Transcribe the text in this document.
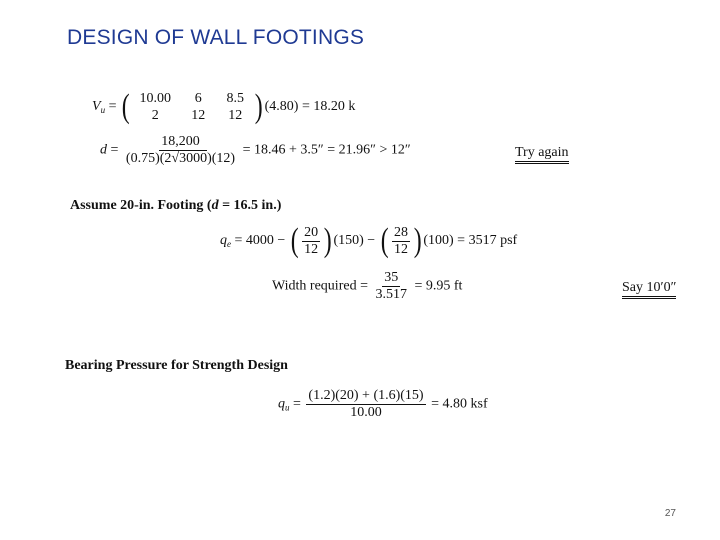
DESIGN OF WALL FOOTINGS
$V_u$ = ( 10.00	6	8.5
2	12	12 ) (4.80) = 18.20 k
$d = \frac{18,200}{(0.75)(2√3000)(12)} = 18.46 + 3.5'' = 21.96'' > 12''$	Try again
Assume 20-in. Footing (d = 16.5 in.)
$q_e = 4000$ − ( $\frac{20}{12}$ ) (150) − ( $\frac{28}{12}$ ) (100) = 3517 psf
Width required = $\frac{35}{3.517} = 9.95$ ft	Say 10′0″
Bearing Pressure for Strength Design
$q_u = \frac{(1.2)(20) + (1.6)(15)}{10.00} = 4.80$ ksf
27
